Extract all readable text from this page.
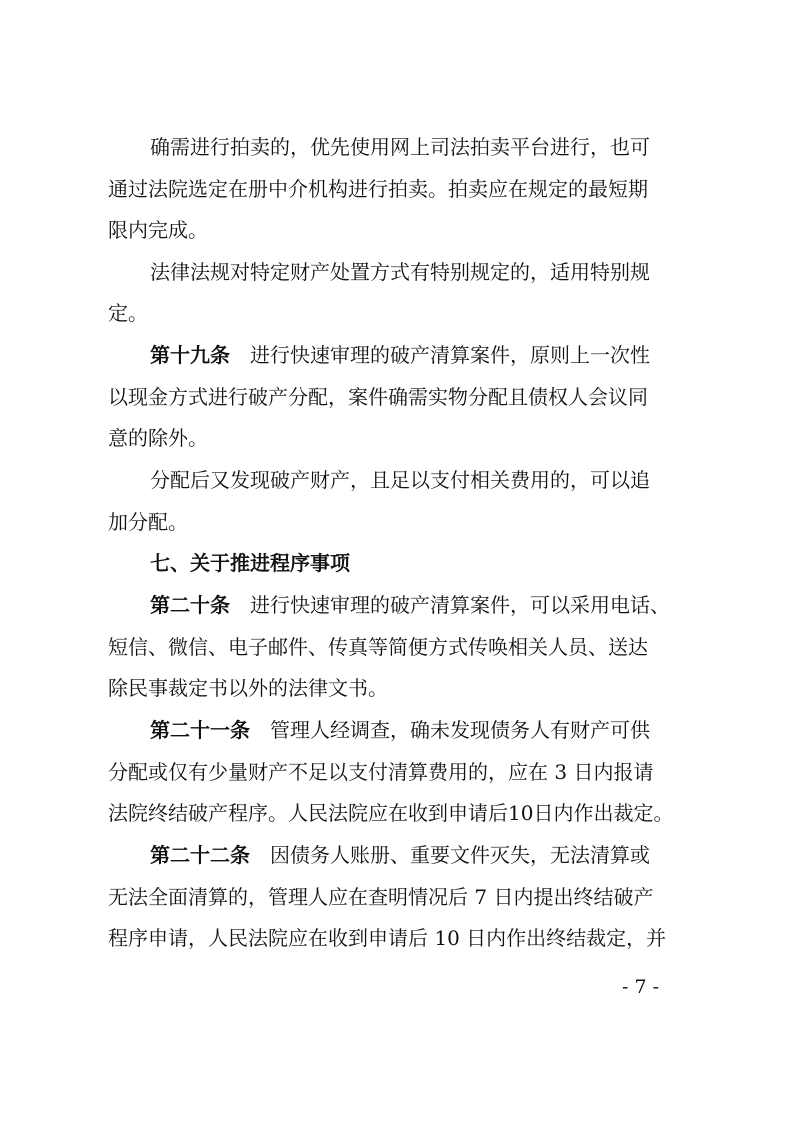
确需进行拍卖的，优先使用网上司法拍卖平台进行，也可
通过法院选定在册中介机构进行拍卖。拍卖应在规定的最短期
限内完成。
法律法规对特定财产处置方式有特别规定的，适用特别规
定。
第十九条 进行快速审理的破产清算案件，原则上一次性
以现金方式进行破产分配，案件确需实物分配且债权人会议同
意的除外。
分配后又发现破产财产，且足以支付相关费用的，可以追
加分配。
七、关于推进程序事项
第二十条 进行快速审理的破产清算案件，可以采用电话、
短信、微信、电子邮件、传真等简便方式传唤相关人员、送达
除民事裁定书以外的法律文书。
第二十一条 管理人经调查，确未发现债务人有财产可供
分配或仅有少量财产不足以支付清算费用的，应在 3 日内报请
法院终结破产程序。人民法院应在收到申请后10日内作出裁定。
第二十二条 因债务人账册、重要文件灭失，无法清算或
无法全面清算的，管理人应在查明情况后 7 日内提出终结破产
程序申请，人民法院应在收到申请后 10 日内作出终结裁定，并
- 7 -
